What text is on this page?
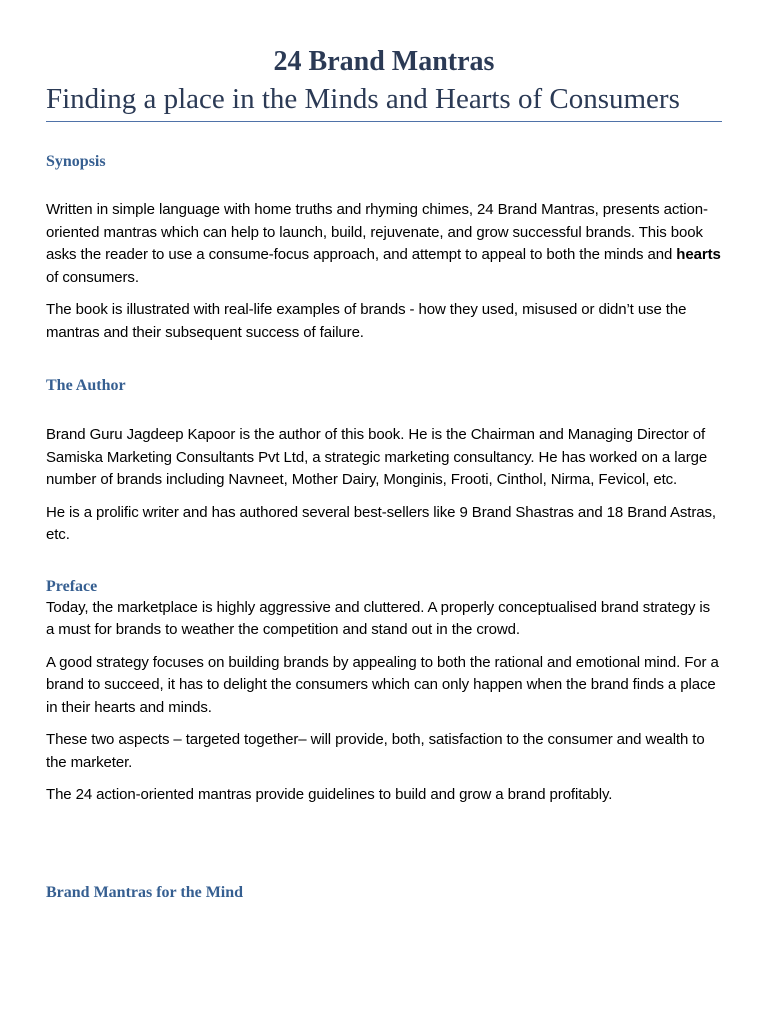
24 Brand Mantras
Finding a place in the Minds and Hearts of Consumers
Synopsis

Written in simple language with home truths and rhyming chimes, 24 Brand Mantras, presents action-oriented mantras which can help to launch, build, rejuvenate, and grow successful brands. This book asks the reader to use a consume-focus approach, and attempt to appeal to both the minds and hearts of consumers.

The book is illustrated with real-life examples of brands - how they used, misused or didn’t use the mantras and their subsequent success of failure.

The Author

Brand Guru Jagdeep Kapoor is the author of this book. He is the Chairman and Managing Director of Samiska Marketing Consultants Pvt Ltd, a strategic marketing consultancy. He has worked on a large number of brands including Navneet, Mother Dairy, Monginis, Frooti, Cinthol, Nirma, Fevicol, etc.

He is a prolific writer and has authored several best-sellers like 9 Brand Shastras and 18 Brand Astras, etc.

Preface

Today, the marketplace is highly aggressive and cluttered. A properly conceptualised brand strategy is a must for brands to weather the competition and stand out in the crowd.

A good strategy focuses on building brands by appealing to both the rational and emotional mind. For a brand to succeed, it has to delight the consumers which can only happen when the brand finds a place in their hearts and minds.

These two aspects – targeted together– will provide, both, satisfaction to the consumer and wealth to the marketer.

The 24 action-oriented mantras provide guidelines to build and grow a brand profitably.

Brand Mantras for the Mind
